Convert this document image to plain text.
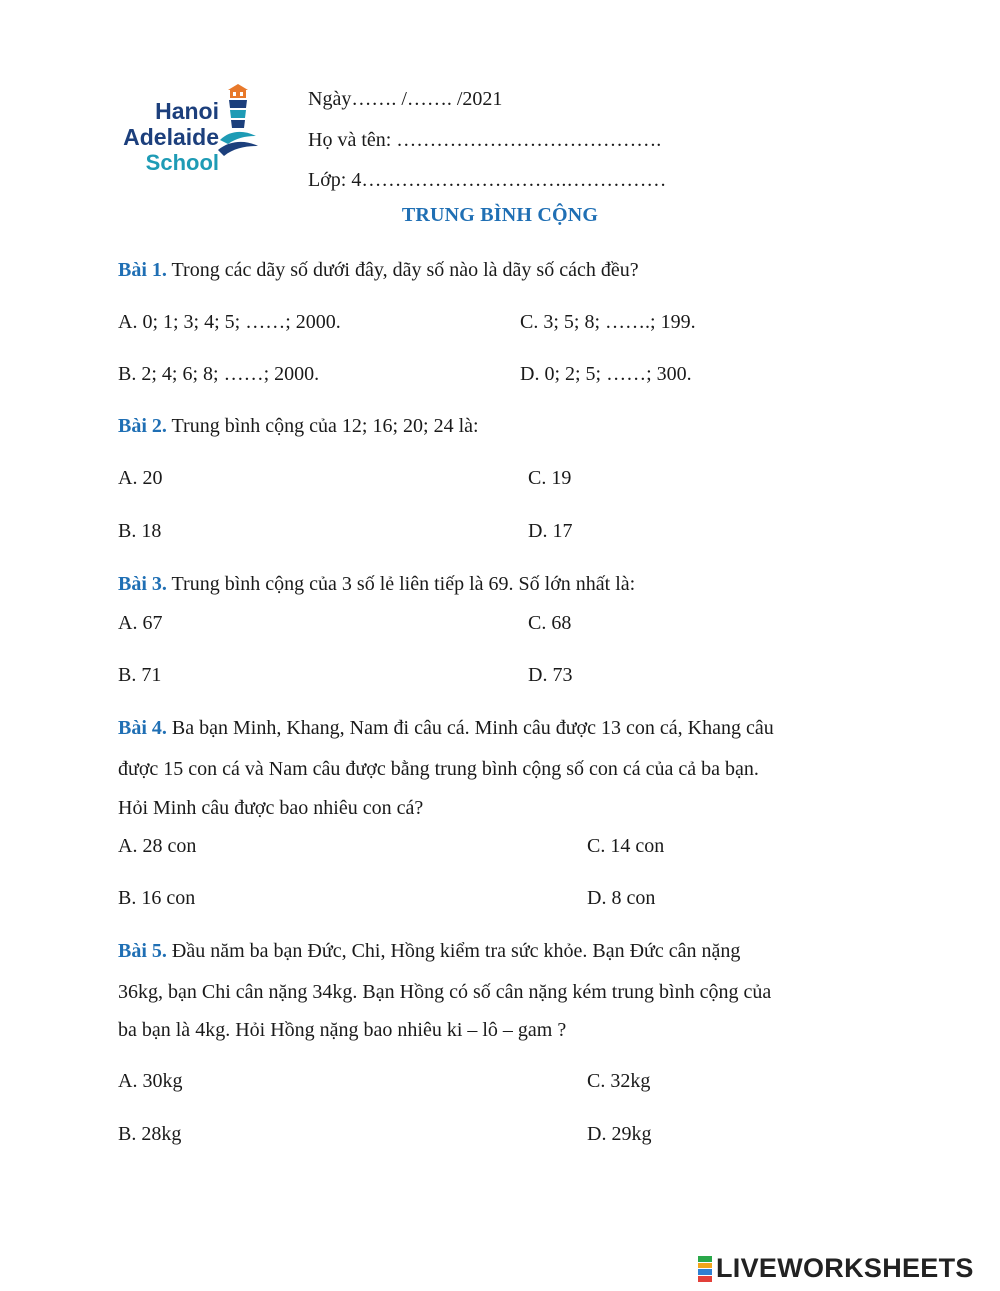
Hanoi
Adelaide
School
Ngày……. /……. /2021
Họ và tên: ………………………………….
Lớp: 4………………………….……………
TRUNG BÌNH CỘNG
Bài 1. Trong các dãy số dưới đây, dãy số nào là dãy số cách đều?
A. 0; 1; 3; 4; 5; ……; 2000.	C. 3; 5; 8; …….; 199.
B. 2; 4; 6; 8; ……; 2000.	D. 0; 2; 5; ……; 300.
Bài 2. Trung bình cộng của 12; 16; 20; 24 là:
A. 20	C. 19
B. 18	D. 17
Bài 3. Trung bình cộng của 3 số lẻ liên tiếp là 69. Số lớn nhất là:
A. 67	C. 68
B. 71	D. 73
Bài 4. Ba bạn Minh, Khang, Nam đi câu cá. Minh câu được 13 con cá, Khang câu
được 15 con cá và Nam câu được bằng trung bình cộng số con cá của cả ba bạn.
Hỏi Minh câu được bao nhiêu con cá?
A. 28 con	C. 14 con
B. 16 con	D. 8 con
Bài 5. Đầu năm ba bạn Đức, Chi, Hồng kiểm tra sức khỏe. Bạn Đức cân nặng
36kg, bạn Chi cân nặng 34kg. Bạn Hồng có số cân nặng kém trung bình cộng của
ba bạn là 4kg. Hỏi Hồng nặng bao nhiêu ki – lô – gam ?
A. 30kg	C. 32kg
B. 28kg	D. 29kg
LIVEWORKSHEETS
